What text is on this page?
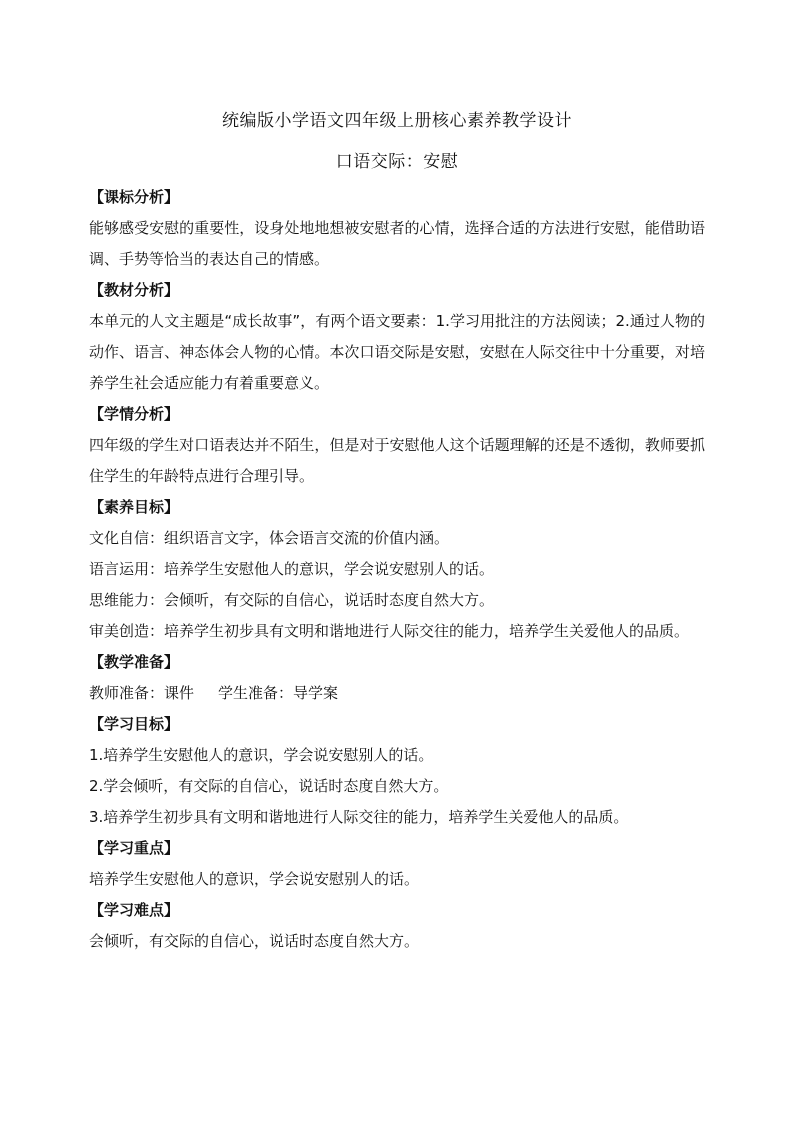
统编版小学语文四年级上册核心素养教学设计
口语交际：安慰
【课标分析】
能够感受安慰的重要性，设身处地地想被安慰者的心情，选择合适的方法进行安慰，能借助语调、手势等恰当的表达自己的情感。
【教材分析】
本单元的人文主题是“成长故事”，有两个语文要素：1.学习用批注的方法阅读；2.通过人物的动作、语言、神态体会人物的心情。本次口语交际是安慰，安慰在人际交往中十分重要，对培养学生社会适应能力有着重要意义。
【学情分析】
四年级的学生对口语表达并不陌生，但是对于安慰他人这个话题理解的还是不透彻，教师要抓住学生的年龄特点进行合理引导。
【素养目标】
文化自信：组织语言文字，体会语言交流的价值内涵。
语言运用：培养学生安慰他人的意识，学会说安慰别人的话。
思维能力：会倾听，有交际的自信心，说话时态度自然大方。
审美创造：培养学生初步具有文明和谐地进行人际交往的能力，培养学生关爱他人的品质。
【教学准备】
教师准备：课件 学生准备：导学案
【学习目标】
1.培养学生安慰他人的意识，学会说安慰别人的话。
2.学会倾听，有交际的自信心，说话时态度自然大方。
3.培养学生初步具有文明和谐地进行人际交往的能力，培养学生关爱他人的品质。
【学习重点】
培养学生安慰他人的意识，学会说安慰别人的话。
【学习难点】
会倾听，有交际的自信心，说话时态度自然大方。
